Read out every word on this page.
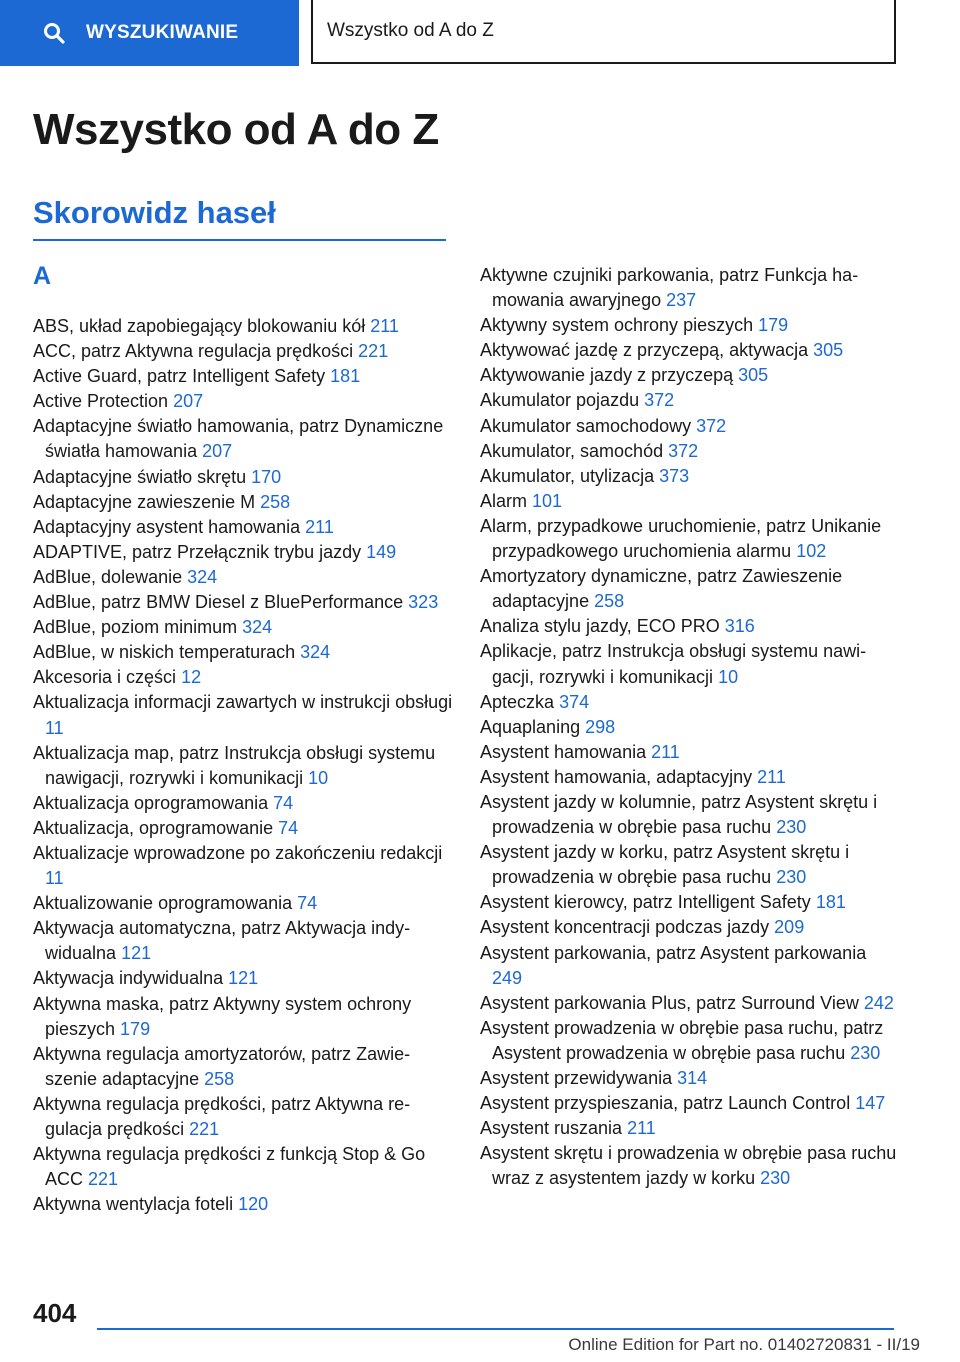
WYSZUKIWANIE	Wszystko od A do Z
Wszystko od A do Z
Skorowidz haseł
A

ABS, układ zapobiegający blokowaniu kół 211

ACC, patrz Aktywna regulacja prędkości 221

Active Guard, patrz Intelligent Safety 181

Active Protection 207

Adaptacyjne światło hamowania, patrz Dynamiczne światła hamowania 207

Adaptacyjne światło skrętu 170

Adaptacyjne zawieszenie M 258

Adaptacyjny asystent hamowania 211

ADAPTIVE, patrz Przełącznik trybu jazdy 149

AdBlue, dolewanie 324

AdBlue, patrz BMW Diesel z BluePerformance 323

AdBlue, poziom minimum 324

AdBlue, w niskich temperaturach 324

Akcesoria i części 12

Aktualizacja informacji zawartych w instrukcji obsługi 11

Aktualizacja map, patrz Instrukcja obsługi systemu nawigacji, rozrywki i komunikacji 10

Aktualizacja oprogramowania 74

Aktualizacja, oprogramowanie 74

Aktualizacje wprowadzone po zakończeniu redakcji 11

Aktualizowanie oprogramowania 74

Aktywacja automatyczna, patrz Aktywacja indywidualna 121

Aktywacja indywidualna 121

Aktywna maska, patrz Aktywny system ochrony pieszych 179

Aktywna regulacja amortyzatorów, patrz Zawieszenie adaptacyjne 258

Aktywna regulacja prędkości, patrz Aktywna regulacja prędkości 221

Aktywna regulacja prędkości z funkcją Stop & Go ACC 221

Aktywna wentylacja foteli 120

Aktywne czujniki parkowania, patrz Funkcja hamowania awaryjnego 237

Aktywny system ochrony pieszych 179

Aktywować jazdę z przyczepą, aktywacja 305

Aktywowanie jazdy z przyczepą 305

Akumulator pojazdu 372

Akumulator samochodowy 372

Akumulator, samochód 372

Akumulator, utylizacja 373

Alarm 101

Alarm, przypadkowe uruchomienie, patrz Unikanie przypadkowego uruchomienia alarmu 102

Amortyzatory dynamiczne, patrz Zawieszenie adaptacyjne 258

Analiza stylu jazdy, ECO PRO 316

Aplikacje, patrz Instrukcja obsługi systemu nawigacji, rozrywki i komunikacji 10

Apteczka 374

Aquaplaning 298

Asystent hamowania 211

Asystent hamowania, adaptacyjny 211

Asystent jazdy w kolumnie, patrz Asystent skrętu i prowadzenia w obrębie pasa ruchu 230

Asystent jazdy w korku, patrz Asystent skrętu i prowadzenia w obrębie pasa ruchu 230

Asystent kierowcy, patrz Intelligent Safety 181

Asystent koncentracji podczas jazdy 209

Asystent parkowania, patrz Asystent parkowania 249

Asystent parkowania Plus, patrz Surround View 242

Asystent prowadzenia w obrębie pasa ruchu, patrz Asystent prowadzenia w obrębie pasa ruchu 230

Asystent przewidywania 314

Asystent przyspieszania, patrz Launch Control 147

Asystent ruszania 211

Asystent skrętu i prowadzenia w obrębie pasa ruchu wraz z asystentem jazdy w korku 230

404
Online Edition for Part no. 01402720831 - II/19
